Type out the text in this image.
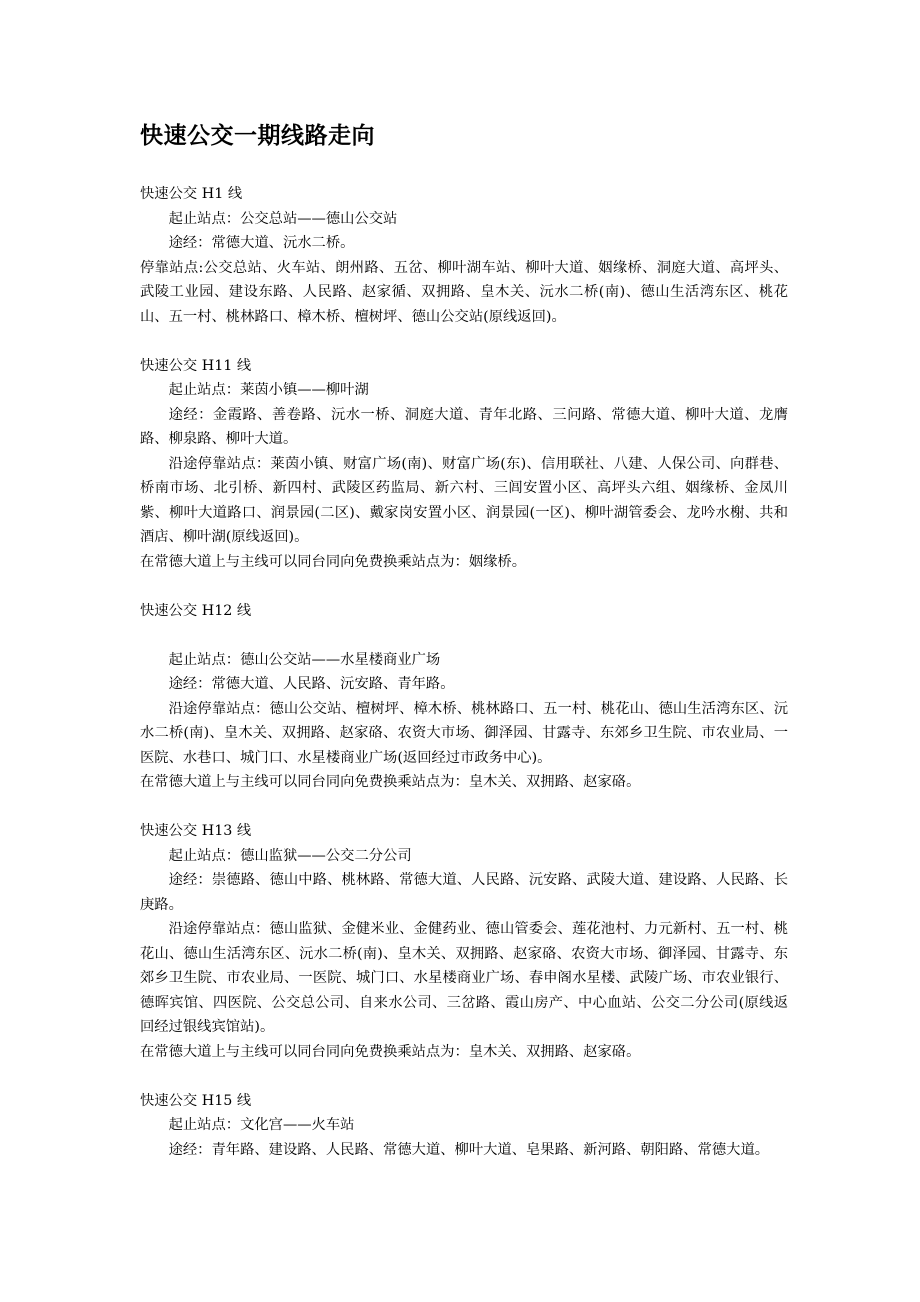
快速公交一期线路走向
快速公交 H1 线
起止站点：公交总站——德山公交站
途经：常德大道、沅水二桥。
停靠站点:公交总站、火车站、朗州路、五岔、柳叶湖车站、柳叶大道、姻缘桥、洞庭大道、高坪头、武陵工业园、建设东路、人民路、赵家循、双拥路、皇木关、沅水二桥(南)、德山生活湾东区、桃花山、五一村、桃林路口、樟木桥、檀树坪、德山公交站(原线返回)。
快速公交 H11 线
起止站点：莱茵小镇——柳叶湖
途经：金霞路、善卷路、沅水一桥、洞庭大道、青年北路、三问路、常德大道、柳叶大道、龙膺路、柳泉路、柳叶大道。
沿途停靠站点：莱茵小镇、财富广场(南)、财富广场(东)、信用联社、八建、人保公司、向群巷、桥南市场、北引桥、新四村、武陵区药监局、新六村、三闾安置小区、高坪头六组、姻缘桥、金凤川紫、柳叶大道路口、润景园(二区)、戴家岗安置小区、润景园(一区)、柳叶湖管委会、龙吟水榭、共和酒店、柳叶湖(原线返回)。
在常德大道上与主线可以同台同向免费换乘站点为：姻缘桥。
快速公交 H12 线
起止站点：德山公交站——水星楼商业广场
途经：常德大道、人民路、沅安路、青年路。
沿途停靠站点：德山公交站、檀树坪、樟木桥、桃林路口、五一村、桃花山、德山生活湾东区、沅水二桥(南)、皇木关、双拥路、赵家硌、农资大市场、御泽园、甘露寺、东郊乡卫生院、市农业局、一医院、水巷口、城门口、水星楼商业广场(返回经过市政务中心)。
在常德大道上与主线可以同台同向免费换乘站点为：皇木关、双拥路、赵家硌。
快速公交 H13 线
起止站点：德山监狱——公交二分公司
途经：崇德路、德山中路、桃林路、常德大道、人民路、沅安路、武陵大道、建设路、人民路、长庚路。
沿途停靠站点：德山监狱、金健米业、金健药业、德山管委会、莲花池村、力元新村、五一村、桃花山、德山生活湾东区、沅水二桥(南)、皇木关、双拥路、赵家硌、农资大市场、御泽园、甘露寺、东郊乡卫生院、市农业局、一医院、城门口、水星楼商业广场、春申阁水星楼、武陵广场、市农业银行、德晖宾馆、四医院、公交总公司、自来水公司、三岔路、霞山房产、中心血站、公交二分公司(原线返回经过银线宾馆站)。
在常德大道上与主线可以同台同向免费换乘站点为：皇木关、双拥路、赵家硌。
快速公交 H15 线
起止站点：文化宫——火车站
途经：青年路、建设路、人民路、常德大道、柳叶大道、皂果路、新河路、朝阳路、常德大道。
